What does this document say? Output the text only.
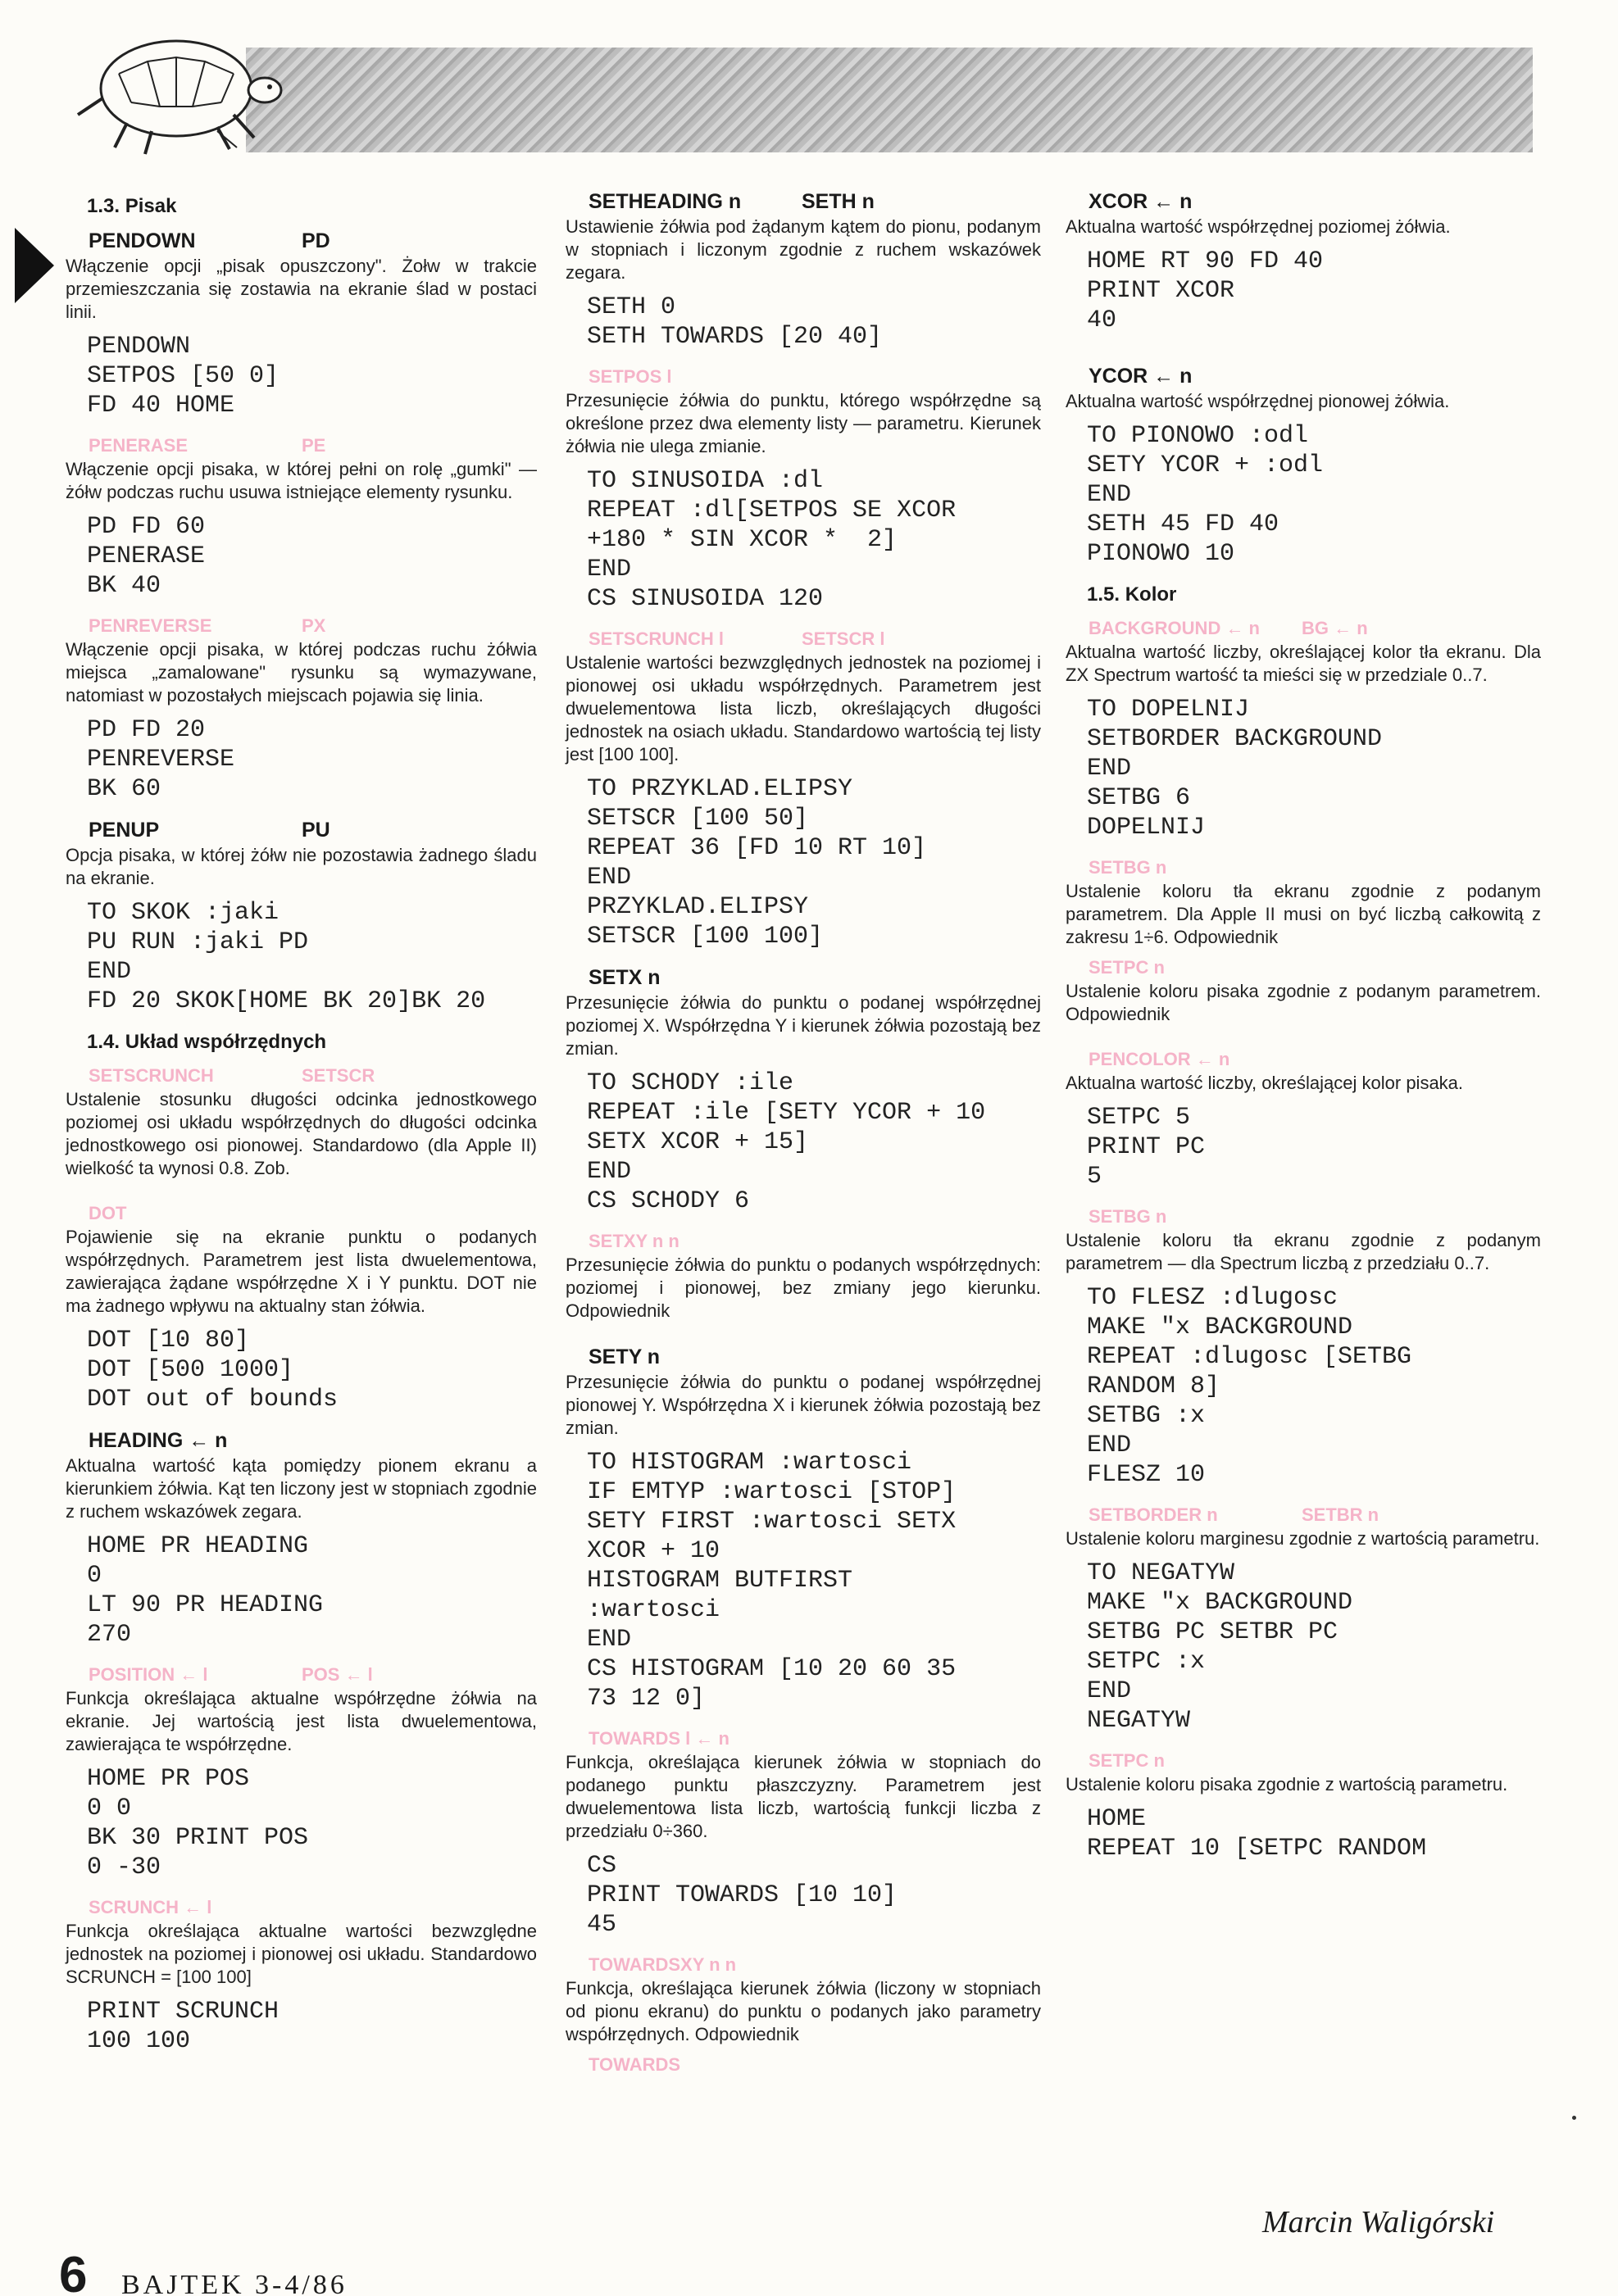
1.3. Pisak
PENDOWN	PD

Włączenie opcji „pisak opuszczony". Żołw w trakcie przemieszczania się zostawia na ekranie ślad w postaci linii.

PENDOWN
SETPOS [50 0]
FD 40 HOME
PENERASE	PE

Włączenie opcji pisaka, w której pełni on rolę „gumki" — żółw podczas ruchu usuwa istniejące elementy rysunku.

PD FD 60
PENERASE
BK 40
PENREVERSE	PX

Włączenie opcji pisaka, w której podczas ruchu żółwia miejsca „zamalowane" rysunku są wymazywane, natomiast w pozostałych miejscach pojawia się linia.

PD FD 20
PENREVERSE
BK 60
PENUP	PU

Opcja pisaka, w której żółw nie pozostawia żadnego śladu na ekranie.

TO SKOK :jaki
PU RUN :jaki PD
END
FD 20 SKOK[HOME BK 20]BK 20
1.4. Układ współrzędnych
SETSCRUNCH	SETSCR

Ustalenie stosunku długości odcinka jednostkowego poziomej osi układu współrzędnych do długości odcinka jednostkowego osi pionowej. Standardowo (dla Apple II) wielkość ta wynosi 0.8. Zob.

DOT

Pojawienie się na ekranie punktu o podanych współrzędnych. Parametrem jest lista dwuelementowa, zawierająca żądane współrzędne X i Y punktu. DOT nie ma żadnego wpływu na aktualny stan żółwia.

DOT [10 80]
DOT [500 1000]
DOT out of bounds
HEADING ← n

Aktualna wartość kąta pomiędzy pionem ekranu a kierunkiem żółwia. Kąt ten liczony jest w stopniach zgodnie z ruchem wskazówek zegara.

HOME PR HEADING
0
LT 90 PR HEADING
270
POSITION ← l	POS ← l

Funkcja określająca aktualne współrzędne żółwia na ekranie. Jej wartością jest lista dwuelementowa, zawierająca te współrzędne.

HOME PR POS
0 0
BK 30 PRINT POS
0 -30
SCRUNCH ← l

Funkcja określająca aktualne wartości bezwzględne jednostek na poziomej i pionowej osi układu. Standardowo SCRUNCH = [100 100]

PRINT SCRUNCH
100 100
SETHEADING n	SETH n

Ustawienie żółwia pod żądanym kątem do pionu, podanym w stopniach i liczonym zgodnie z ruchem wskazówek zegara.

SETH 0
SETH TOWARDS [20 40]
SETPOS l

Przesunięcie żółwia do punktu, którego współrzędne są określone przez dwa elementy listy — parametru. Kierunek żółwia nie ulega zmianie.

TO SINUSOIDA :dl
REPEAT :dl[SETPOS SE XCOR
+180 * SIN XCOR *  2]
END
CS SINUSOIDA 120
SETSCRUNCH l	SETSCR l

Ustalenie wartości bezwzględnych jednostek na poziomej i pionowej osi układu współrzędnych. Parametrem jest dwuelementowa lista liczb, określających długości jednostek na osiach układu. Standardowo wartością tej listy jest [100 100].

TO PRZYKLAD.ELIPSY
SETSCR [100 50]
REPEAT 36 [FD 10 RT 10]
END
PRZYKLAD.ELIPSY
SETSCR [100 100]
SETX n

Przesunięcie żółwia do punktu o podanej współrzędnej poziomej X. Współrzędna Y i kierunek żółwia pozostają bez zmian.

TO SCHODY :ile
REPEAT :ile [SETY YCOR + 10
SETX XCOR + 15]
END
CS SCHODY 6
SETXY n n

Przesunięcie żółwia do punktu o podanych współrzędnych: poziomej i pionowej, bez zmiany jego kierunku. Odpowiednik

SETY n

Przesunięcie żółwia do punktu o podanej współrzędnej pionowej Y. Współrzędna X i kierunek żółwia pozostają bez zmian.

TO HISTOGRAM :wartosci
IF EMTYP :wartosci [STOP]
SETY FIRST :wartosci SETX
XCOR + 10
HISTOGRAM BUTFIRST
:wartosci
END
CS HISTOGRAM [10 20 60 35
73 12 0]
TOWARDS l ← n

Funkcja, określająca kierunek żółwia w stopniach do podanego punktu płaszczyzny. Parametrem jest dwuelementowa lista liczb, wartością funkcji liczba z przedziału 0÷360.

CS
PRINT TOWARDS [10 10]
45
TOWARDSXY n n

Funkcja, określająca kierunek żółwia (liczony w stopniach od pionu ekranu) do punktu o podanych jako parametry współrzędnych. Odpowiednik

TOWARDS
XCOR ← n

Aktualna wartość współrzędnej poziomej żółwia.

HOME RT 90 FD 40
PRINT XCOR
40
YCOR ← n

Aktualna wartość współrzędnej pionowej żółwia.

TO PIONOWO :odl
SETY YCOR + :odl
END
SETH 45 FD 40
PIONOWO 10
1.5. Kolor
BACKGROUND ← n	BG ← n

Aktualna wartość liczby, określającej kolor tła ekranu. Dla ZX Spectrum wartość ta mieści się w przedziale 0..7.

TO DOPELNIJ
SETBORDER BACKGROUND
END
SETBG 6
DOPELNIJ
SETBG n

Ustalenie koloru tła ekranu zgodnie z podanym parametrem. Dla Apple II musi on być liczbą całkowitą z zakresu 1÷6. Odpowiednik

SETPC n

Ustalenie koloru pisaka zgodnie z podanym parametrem. Odpowiednik

PENCOLOR ← n

Aktualna wartość liczby, określającej kolor pisaka.

SETPC 5
PRINT PC
5
SETBG n

Ustalenie koloru tła ekranu zgodnie z podanym parametrem — dla Spectrum liczbą z przedziału 0..7.

TO FLESZ :dlugosc
MAKE "x BACKGROUND
REPEAT :dlugosc [SETBG
RANDOM 8]
SETBG :x
END
FLESZ 10
SETBORDER n	SETBR n

Ustalenie koloru marginesu zgodnie z wartością parametru.

TO NEGATYW
MAKE "x BACKGROUND
SETBG PC SETBR PC
SETPC :x
END
NEGATYW
SETPC n

Ustalenie koloru pisaka zgodnie z wartością parametru.

HOME
REPEAT 10 [SETPC RANDOM
Marcin Waligórski
6 BAJTEK 3-4/86
